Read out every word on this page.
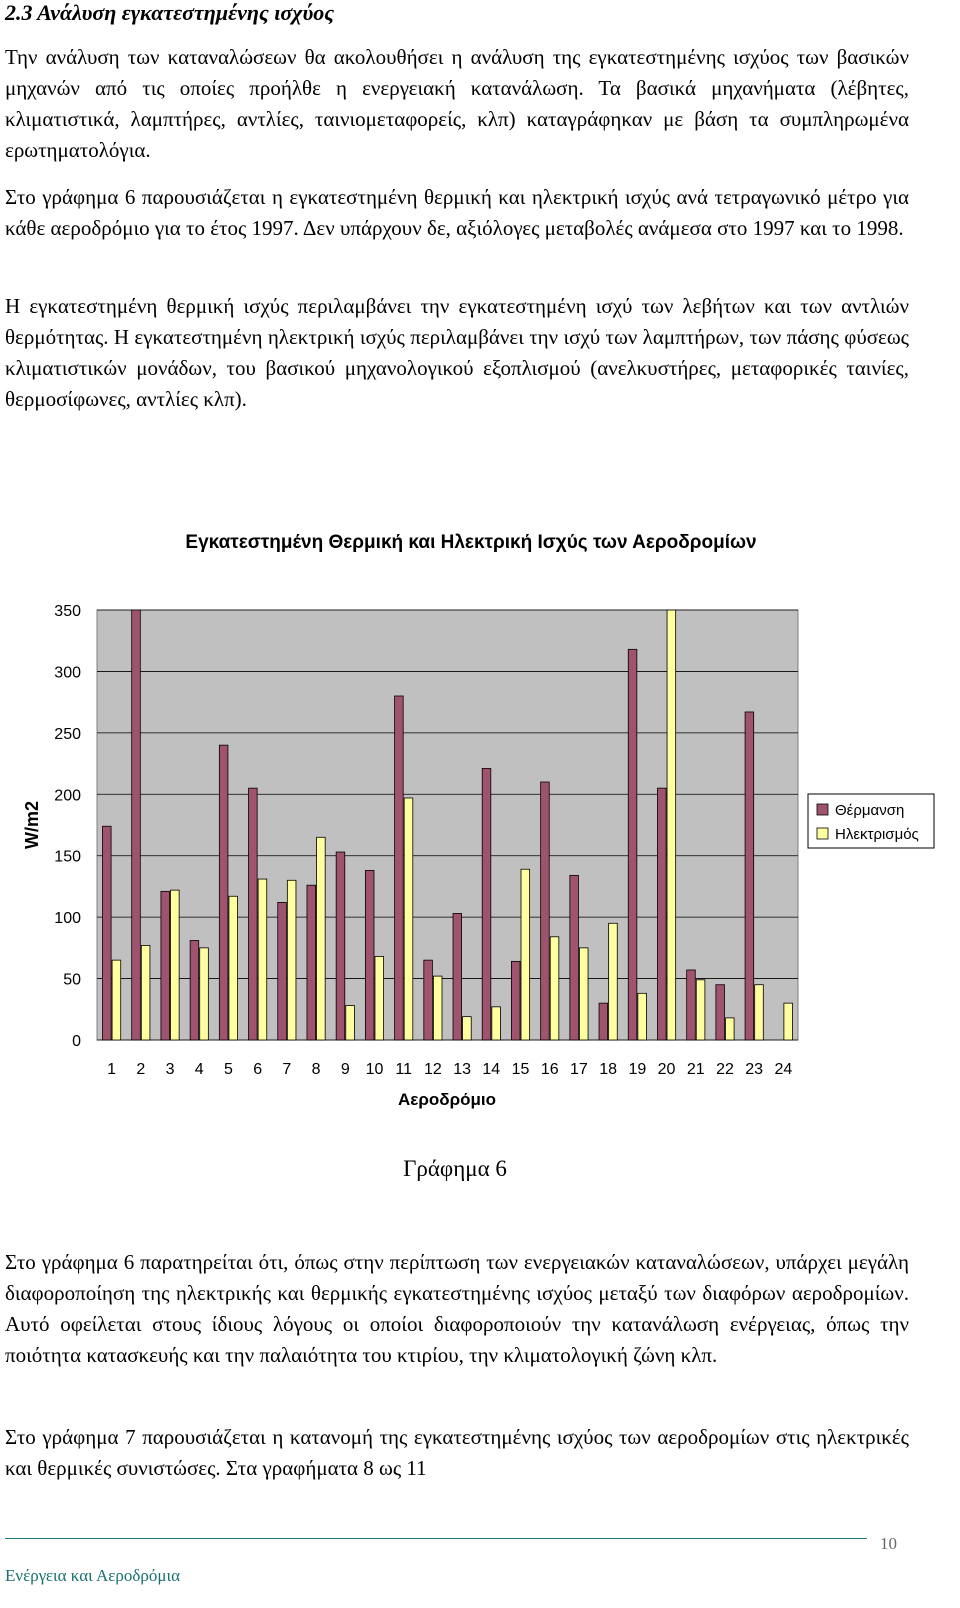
2.3 Ανάλυση εγκατεστημένης ισχύος

Την ανάλυση των καταναλώσεων θα ακολουθήσει η ανάλυση της εγκατεστημένης ισχύος των βασικών μηχανών από τις οποίες προήλθε η ενεργειακή κατανάλωση. Τα βασικά μηχανήματα (λέβητες, κλιματιστικά, λαμπτήρες, αντλίες, ταινιομεταφορείς, κλπ) καταγράφηκαν με βάση τα συμπληρωμένα ερωτηματολόγια.

Στο γράφημα 6 παρουσιάζεται η εγκατεστημένη θερμική και ηλεκτρική ισχύς ανά τετραγωνικό μέτρο για κάθε αεροδρόμιο για το έτος 1997. Δεν υπάρχουν δε, αξιόλογες μεταβολές ανάμεσα στο 1997 και το 1998.

Η εγκατεστημένη θερμική ισχύς περιλαμβάνει την εγκατεστημένη ισχύ των λεβήτων και των αντλιών θερμότητας. Η εγκατεστημένη ηλεκτρική ισχύς περιλαμβάνει την ισχύ των λαμπτήρων, των πάσης φύσεως κλιματιστικών μονάδων, του βασικού μηχανολογικού εξοπλισμού (ανελκυστήρες, μεταφορικές ταινίες, θερμοσίφωνες, αντλίες κλπ).

Εγκατεστημένη Θερμική και Ηλεκτρική Ισχύς των Αεροδρομίων
0
50
100
150
200
250
300
350
1 2 3 4 5 6 7 8 9 10 11 12 13 14 15 16 17 18 19 20 21 22 23 24
W/m2
Αεροδρόμιο
Θέρμανση
Ηλεκτρισμός
Γράφημα 6

Στο γράφημα 6 παρατηρείται ότι, όπως στην περίπτωση των ενεργειακών καταναλώσεων, υπάρχει μεγάλη διαφοροποίηση της ηλεκτρικής και θερμικής εγκατεστημένης ισχύος μεταξύ των διαφόρων αεροδρομίων. Αυτό οφείλεται στους ίδιους λόγους οι οποίοι διαφοροποιούν την κατανάλωση ενέργειας, όπως την ποιότητα κατασκευής και την παλαιότητα του κτιρίου, την κλιματολογική ζώνη κλπ.

Στο γράφημα 7 παρουσιάζεται η κατανομή της εγκατεστημένης ισχύος των αεροδρομίων στις ηλεκτρικές και θερμικές συνιστώσες. Στα γραφήματα 8 ως 11

Ενέργεια και Αεροδρόμια
10
